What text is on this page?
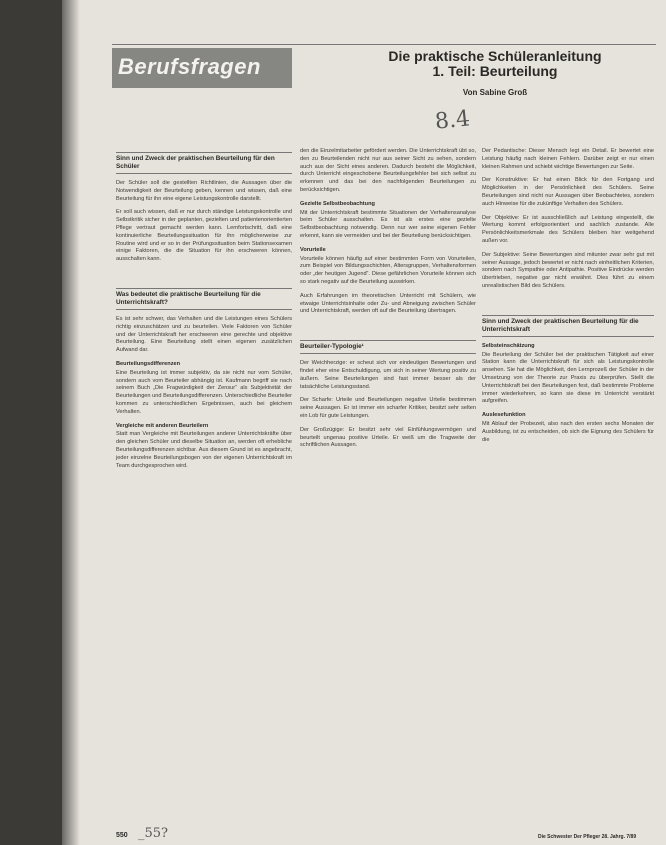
Berufsfragen	Die praktische Schüleranleitung
1. Teil: Beurteilung
Von Sabine Groß
8.4
Sinn und Zweck der praktischen Beurteilung für den Schüler

Der Schüler soll die gestellten Richtlinien, die Aussagen über die Notwendigkeit der Beurteilung geben, kennen und wissen, daß eine Beurteilung für ihn eine eigene Leistungskontrolle darstellt.

Er soll auch wissen, daß er nur durch ständige Leistungskontrolle und Selbstkritik sicher in der geplanten, gezielten und patientenorientierten Pflege vertraut gemacht werden kann. Lernfortschritt, daß eine kontinuierliche Beurteilungssituation für ihn möglicherweise zur Routine wird und er so in der Prüfungssituation beim Stationsexamen einige Faktoren, die die Situation für ihn erschweren können, ausschalten kann.

Was bedeutet die praktische Beurteilung für die Unterrichtskraft?

Es ist sehr schwer, das Verhalten und die Leistungen eines Schülers richtig einzuschätzen und zu beurteilen. Viele Faktoren von Schüler und der Unterrichtskraft her erschweren eine gerechte und objektive Beurteilung. Eine Beurteilung stellt einen eigenen zusätzlichen Aufwand dar.

Beurteilungsdifferenzen

Eine Beurteilung ist immer subjektiv, da sie nicht nur vom Schüler, sondern auch vom Beurteiler abhängig ist. Kaufmann begriff sie nach seinem Buch „Die Fragwürdigkeit der Zensur“ als Subjektivität der Beurteilungen und Beurteilungsdifferenzen. Unterschiedliche Beurteiler kommen zu unterschiedlichen Ergebnissen, auch bei gleichem Verhalten.

Vergleiche mit anderen Beurteilern

Statt man Vergleiche mit Beurteilungen anderer Unterrichtskräfte über den gleichen Schüler und dieselbe Situation an, werden oft erhebliche Beurteilungsdifferenzen sichtbar. Aus diesem Grund ist es angebracht, jeder einzelne Beurteilungsbogen von der eigenen Unterrichtskraft im Team durchgesprochen wird.

den die Einzelmitarbeiter gefördert werden. Die Unterrichtskraft übt so, den zu Beurteilenden nicht nur aus seiner Sicht zu sehen, sondern auch aus der Sicht eines anderen. Dadurch besteht die Möglichkeit, durch Unterricht eingeschobene Beurteilungsfehler bei sich selbst zu erkennen und das bei den nachfolgenden Beurteilungen zu berücksichtigen.

Gezielte Selbstbeobachtung

Mit der Unterrichtskraft bestimmte Situationen der Verhaltensanalyse beim Schüler ausschalten. Es ist als erstes eine gezielte Selbstbeobachtung notwendig. Denn nur wer seine eigenen Fehler erkennt, kann sie vermeiden und bei der Beurteilung berücksichtigen.

Vorurteile

Vorurteile können häufig auf einer bestimmten Form von Vorurteilen, zum Beispiel von Bildungsschichten, Altersgruppen, Verhaltensformen oder „der heutigen Jugend“. Diese gefährlichen Vorurteile können sich so stark negativ auf die Beurteilung auswirken.

Auch Erfahrungen im theoretischen Unterricht mit Schülern, wie etwaige Unterrichtsinhalte oder Zu- und Abneigung zwischen Schüler und Unterrichtskraft, werden oft auf die Beurteilung übertragen.

Beurteiler-Typologie¹

Der Weichherzige: er scheut sich vor eindeutigen Bewertungen und findet eher eine Entschuldigung, um sich in seiner Wertung positiv zu äußern. Seine Beurteilungen sind fast immer besser als der tatsächliche Leistungsstand.

Der Scharfe: Urteile und Beurteilungen negative Urteile bestimmen seine Aussagen. Er ist immer ein scharfer Kritiker, besitzt sehr selten ein Lob für gute Leistungen.

Der Großzügige: Er besitzt sehr viel Einfühlungsvermögen und beurteilt ungenau positive Urteile. Er weiß um die Tragweite der schriftlichen Aussagen.

Der Pedantische: Dieser Mensch legt ein Detail. Er bewertet eine Leistung häufig nach kleinen Fehlern. Darüber zeigt er nur einen kleinen Rahmen und schiebt wichtige Bewertungen zur Seite.

Der Konstruktive: Er hat einen Blick für den Fortgang und Möglichkeiten in der Persönlichkeit des Schülers. Seine Beurteilungen sind nicht nur Aussagen über Beobachtetes, sondern auch Hinweise für die zukünftige Verhalten des Schülers.

Der Objektive: Er ist ausschließlich auf Leistung eingestellt, die Wertung kommt erfolgsorientiert und sachlich zustande. Alle Persönlichkeitsmerkmale des Schülers bleiben hier weitgehend außen vor.

Der Subjektive: Seine Bewertungen sind mitunter zwar sehr gut mit seiner Aussage, jedoch bewertet er nicht nach einheitlichen Kriterien, sondern nach Sympathie oder Antipathie. Positive Eindrücke werden übertrieben, negative gar nicht erwähnt. Dies führt zu einem unrealistischen Bild des Schülers.

Sinn und Zweck der praktischen Beurteilung für die Unterrichtskraft
Selbsteinschätzung

Die Beurteilung der Schüler bei der praktischen Tätigkeit auf einer Station kann die Unterrichtskraft für sich als Leistungskontrolle ansehen. Sie hat die Möglichkeit, den Lernprozeß der Schüler in der Umsetzung von der Theorie zur Praxis zu überprüfen. Stellt die Unterrichtskraft bei den Beurteilungen fest, daß bestimmte Probleme immer wiederkehren, so kann sie diese im Unterricht verstärkt aufgreifen.

Auslesefunktion

Mit Ablauf der Probezeit, also nach den ersten sechs Monaten der Ausbildung, ist zu entscheiden, ob sich die Eignung des Schülers für die

550 _55?	Die Schwester Der Pfleger 28. Jahrg. 7/89
